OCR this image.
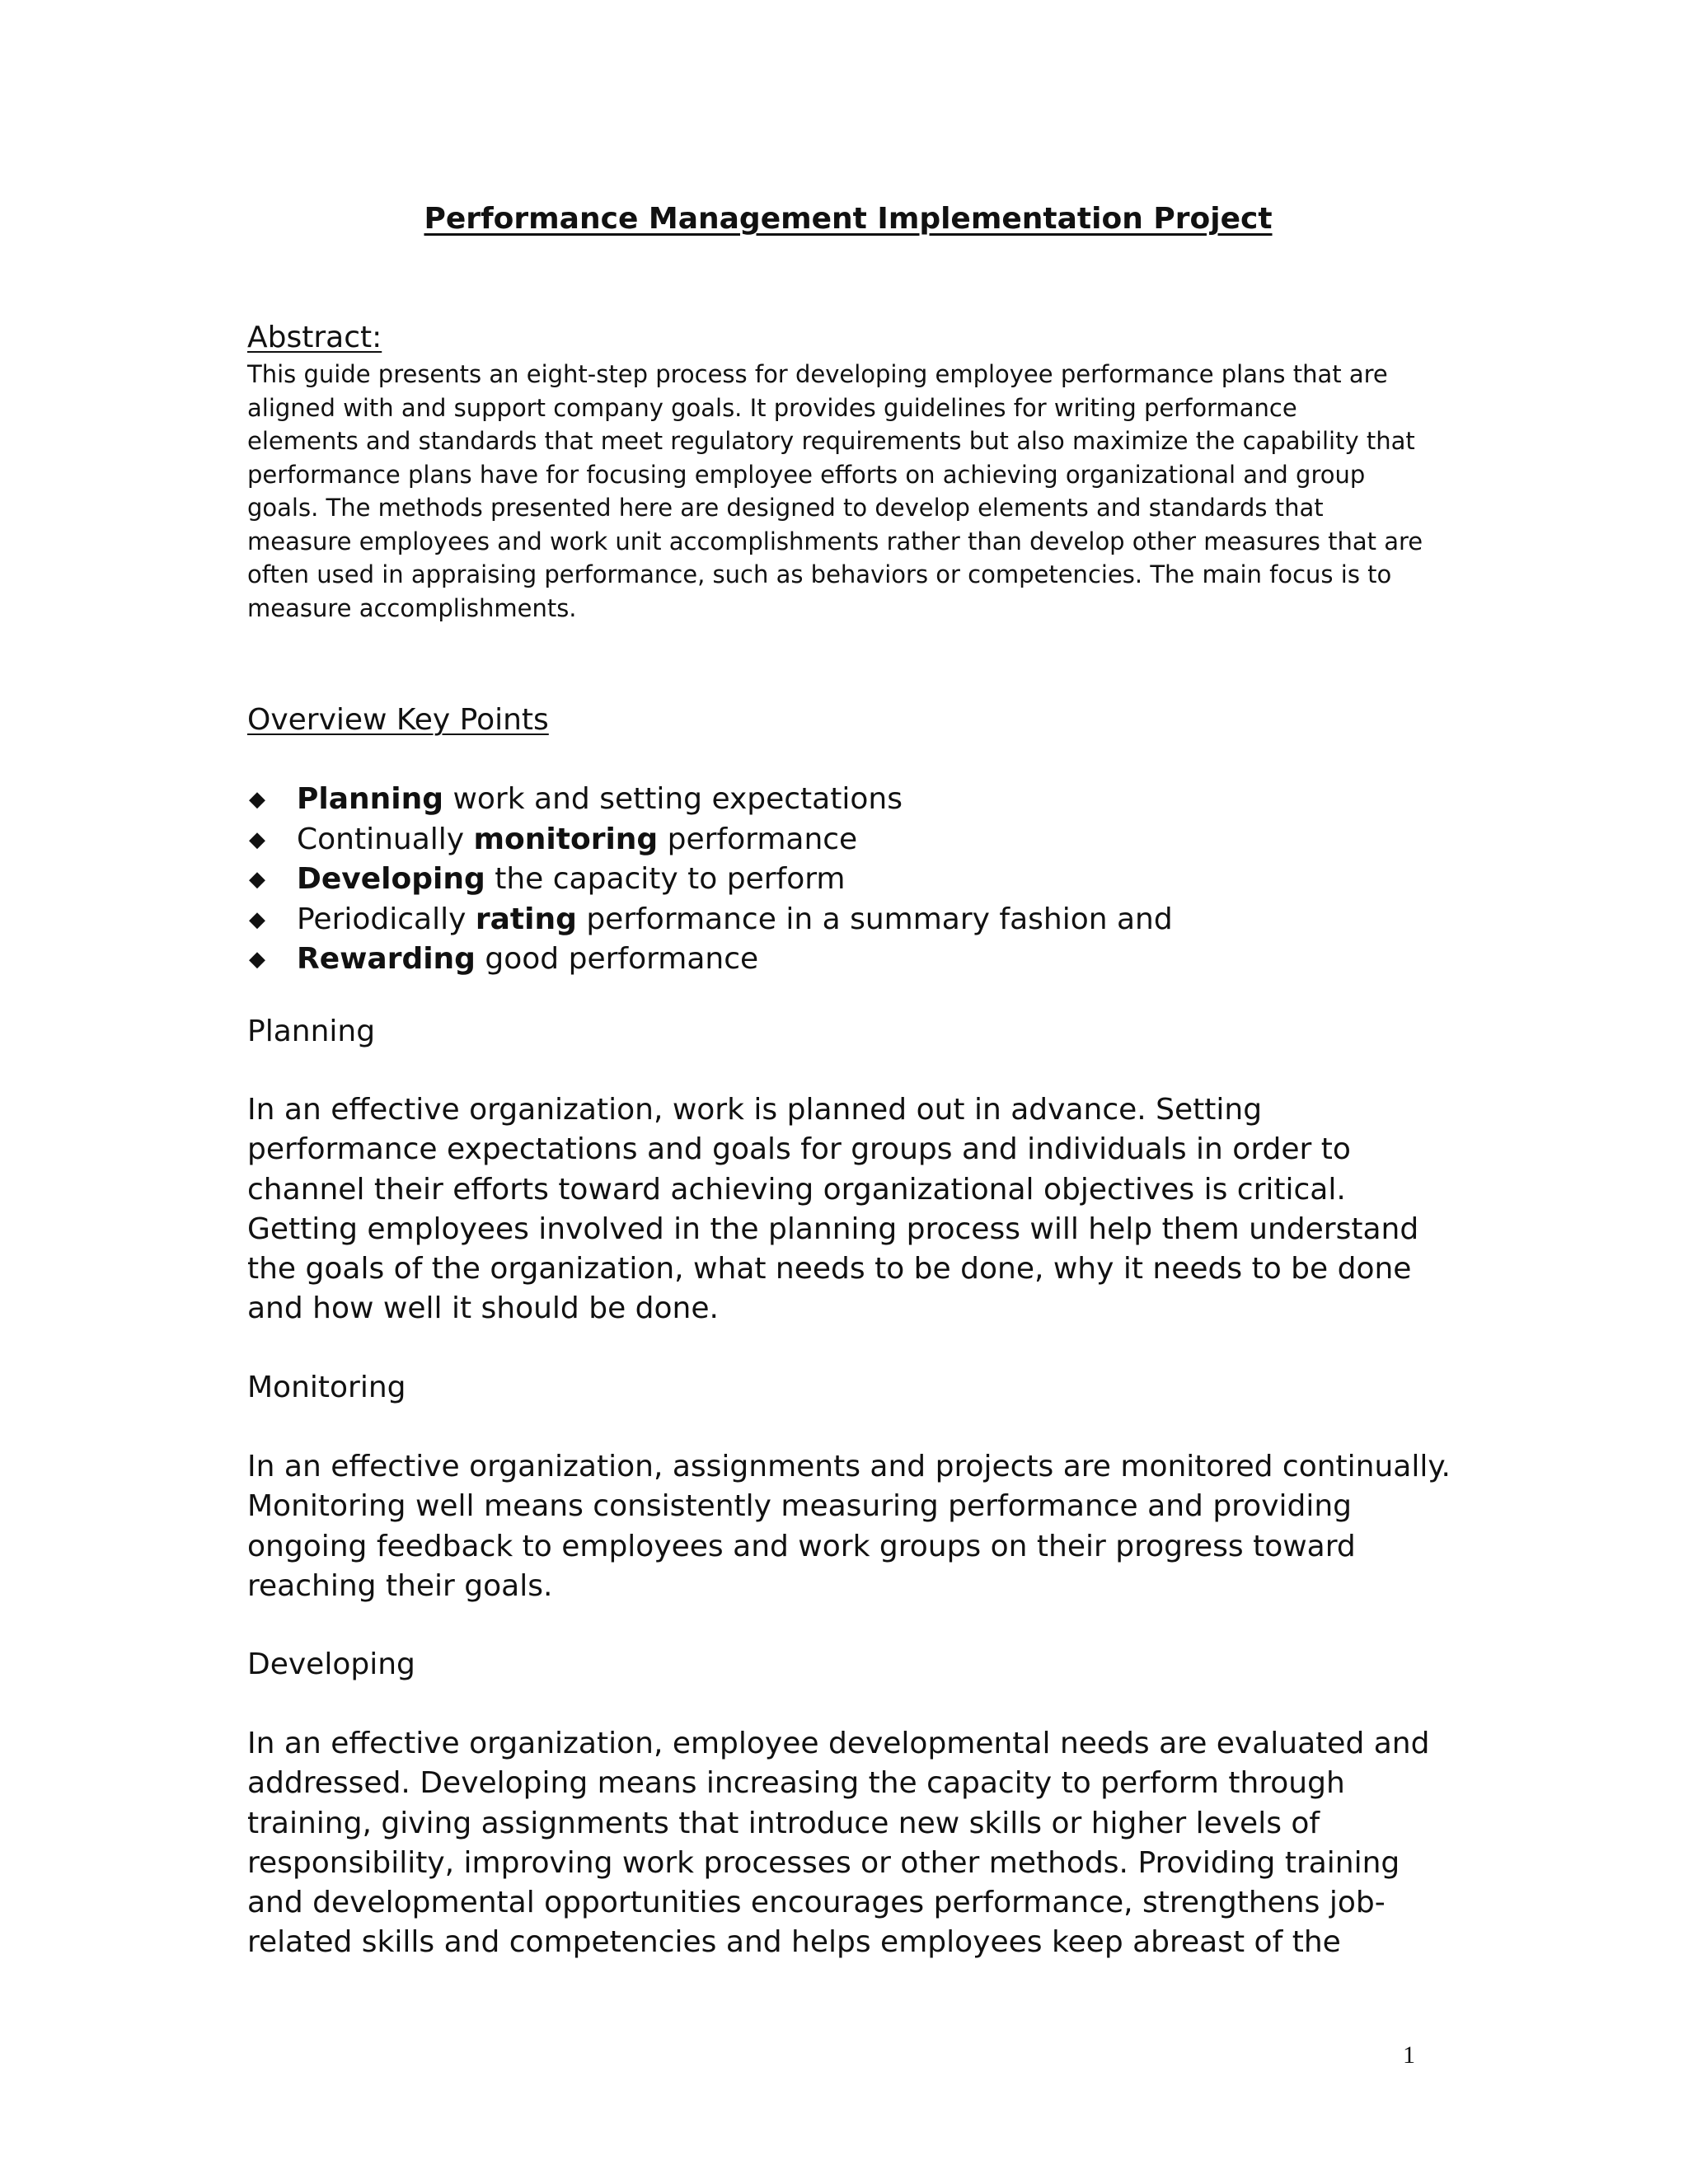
Performance Management Implementation Project
Abstract:
This guide presents an eight-step process for developing employee performance plans that are
aligned with and support company goals. It provides guidelines for writing performance
elements and standards that meet regulatory requirements but also maximize the capability that
performance plans have for focusing employee efforts on achieving organizational and group
goals. The methods presented here are designed to develop elements and standards that
measure employees and work unit accomplishments rather than develop other measures that are
often used in appraising performance, such as behaviors or competencies. The main focus is to
measure accomplishments.
Overview Key Points
◆ Planning work and setting expectations
◆ Continually monitoring performance
◆ Developing the capacity to perform
◆ Periodically rating performance in a summary fashion and
◆ Rewarding good performance
Planning
In an effective organization, work is planned out in advance. Setting
performance expectations and goals for groups and individuals in order to
channel their efforts toward achieving organizational objectives is critical.
Getting employees involved in the planning process will help them understand
the goals of the organization, what needs to be done, why it needs to be done
and how well it should be done.
Monitoring
In an effective organization, assignments and projects are monitored continually.
Monitoring well means consistently measuring performance and providing
ongoing feedback to employees and work groups on their progress toward
reaching their goals.
Developing
In an effective organization, employee developmental needs are evaluated and
addressed. Developing means increasing the capacity to perform through
training, giving assignments that introduce new skills or higher levels of
responsibility, improving work processes or other methods. Providing training
and developmental opportunities encourages performance, strengthens job-
related skills and competencies and helps employees keep abreast of the
1
